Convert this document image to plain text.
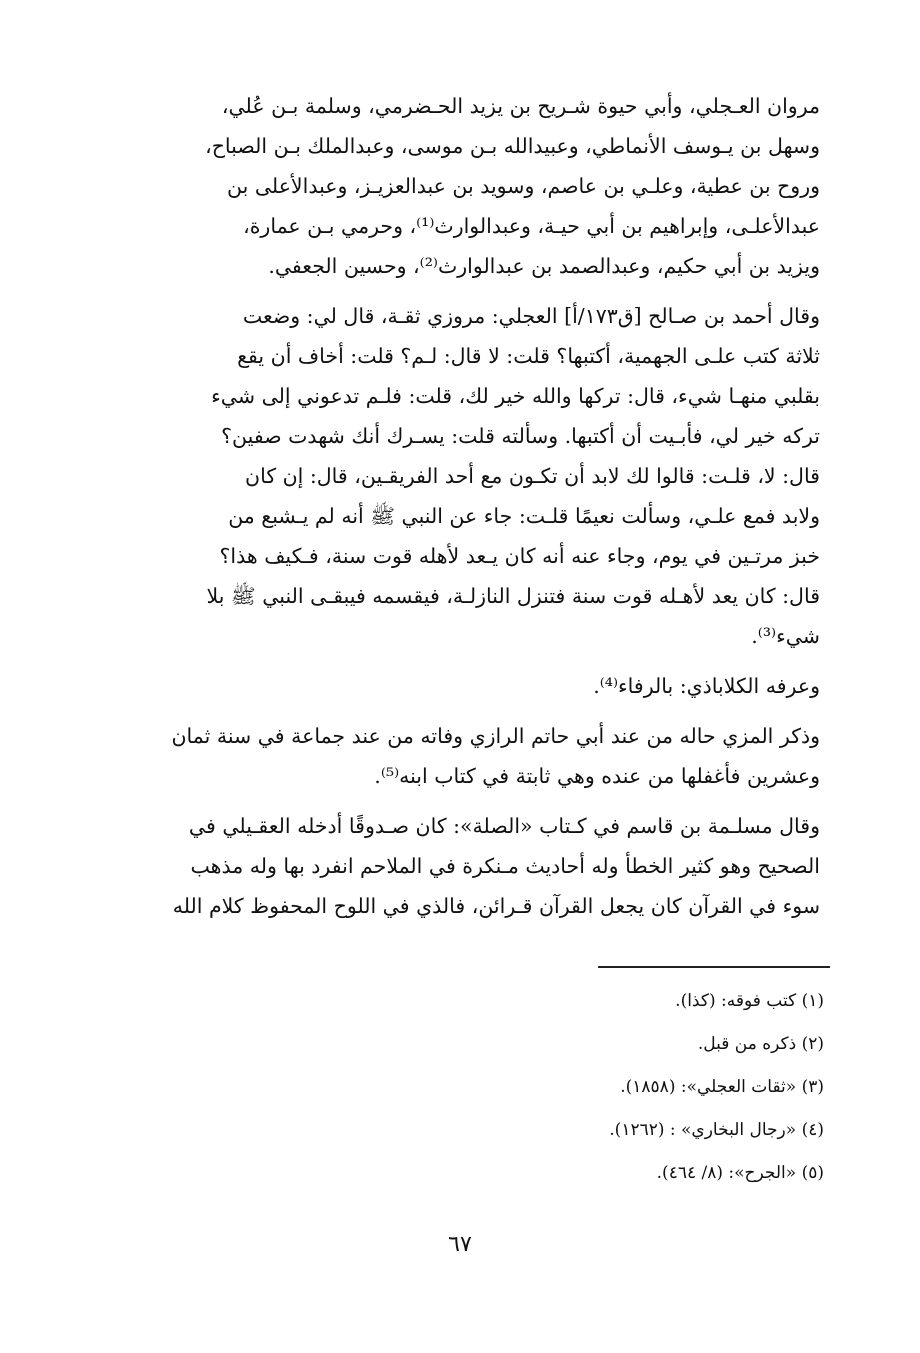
مروان العـجلي، وأبي حيوة شـريح بن يزيد الحـضرمي، وسلمة بـن عُلي،
وسهل بن يـوسف الأنماطي، وعبيدالله بـن موسى، وعبدالملك بـن الصباح،
وروح بن عطية، وعلـي بن عاصم، وسويد بن عبدالعزيـز، وعبدالأعلى بن
عبدالأعلـى، وإبراهيم بن أبي حيـة، وعبدالوارث⁽¹⁾، وحرمي بـن عمارة،
ويزيد بن أبي حكيم، وعبدالصمد بن عبدالوارث⁽²⁾، وحسين الجعفي.

وقال أحمد بن صـالح [ق١٧٣/أ] العجلي: مروزي ثقـة، قال لي: وضعت
ثلاثة كتب علـى الجهمية، أكتبها؟ قلت: لا قال: لـم؟ قلت: أخاف أن يقع
بقلبي منهـا شيء، قال: تركها والله خير لك، قلت: فلـم تدعوني إلى شيء
تركه خير لي، فأبـيت أن أكتبها. وسألته قلت: يسـرك أنك شهدت صفين؟
قال: لا، قلـت: قالوا لك لابد أن تكـون مع أحد الفريقـين، قال: إن كان
ولابد فمع علـي، وسألت نعيمًا قلـت: جاء عن النبي ﷺ أنه لم يـشبع من
خبز مرتـين في يوم، وجاء عنه أنه كان يـعد لأهله قوت سنة، فـكيف هذا؟
قال: كان يعد لأهـله قوت سنة فتنزل النازلـة، فيقسمه فيبقـى النبي ﷺ بلا
شيء⁽³⁾.

وعرفه الكلاباذي: بالرفاء⁽⁴⁾.

وذكر المزي حاله من عند أبي حاتم الرازي وفاته من عند جماعة في سنة ثمان
وعشرين فأغفلها من عنده وهي ثابتة في كتاب ابنه⁽⁵⁾.

وقال مسلـمة بن قاسم في كـتاب «الصلة»: كان صـدوقًا أدخله العقـيلي في
الصحيح وهو كثير الخطأ وله أحاديث مـنكرة في الملاحم انفرد بها وله مذهب
سوء في القرآن كان يجعل القرآن قـرائن، فالذي في اللوح المحفوظ كلام الله

(١) كتب فوقه: (كذا).
(٢) ذكره من قبل.
(٣) «ثقات العجلي»: (١٨٥٨).
(٤) «رجال البخاري» : (١٢٦٢).
(٥) «الجرح»: (٨/ ٤٦٤).
٦٧
